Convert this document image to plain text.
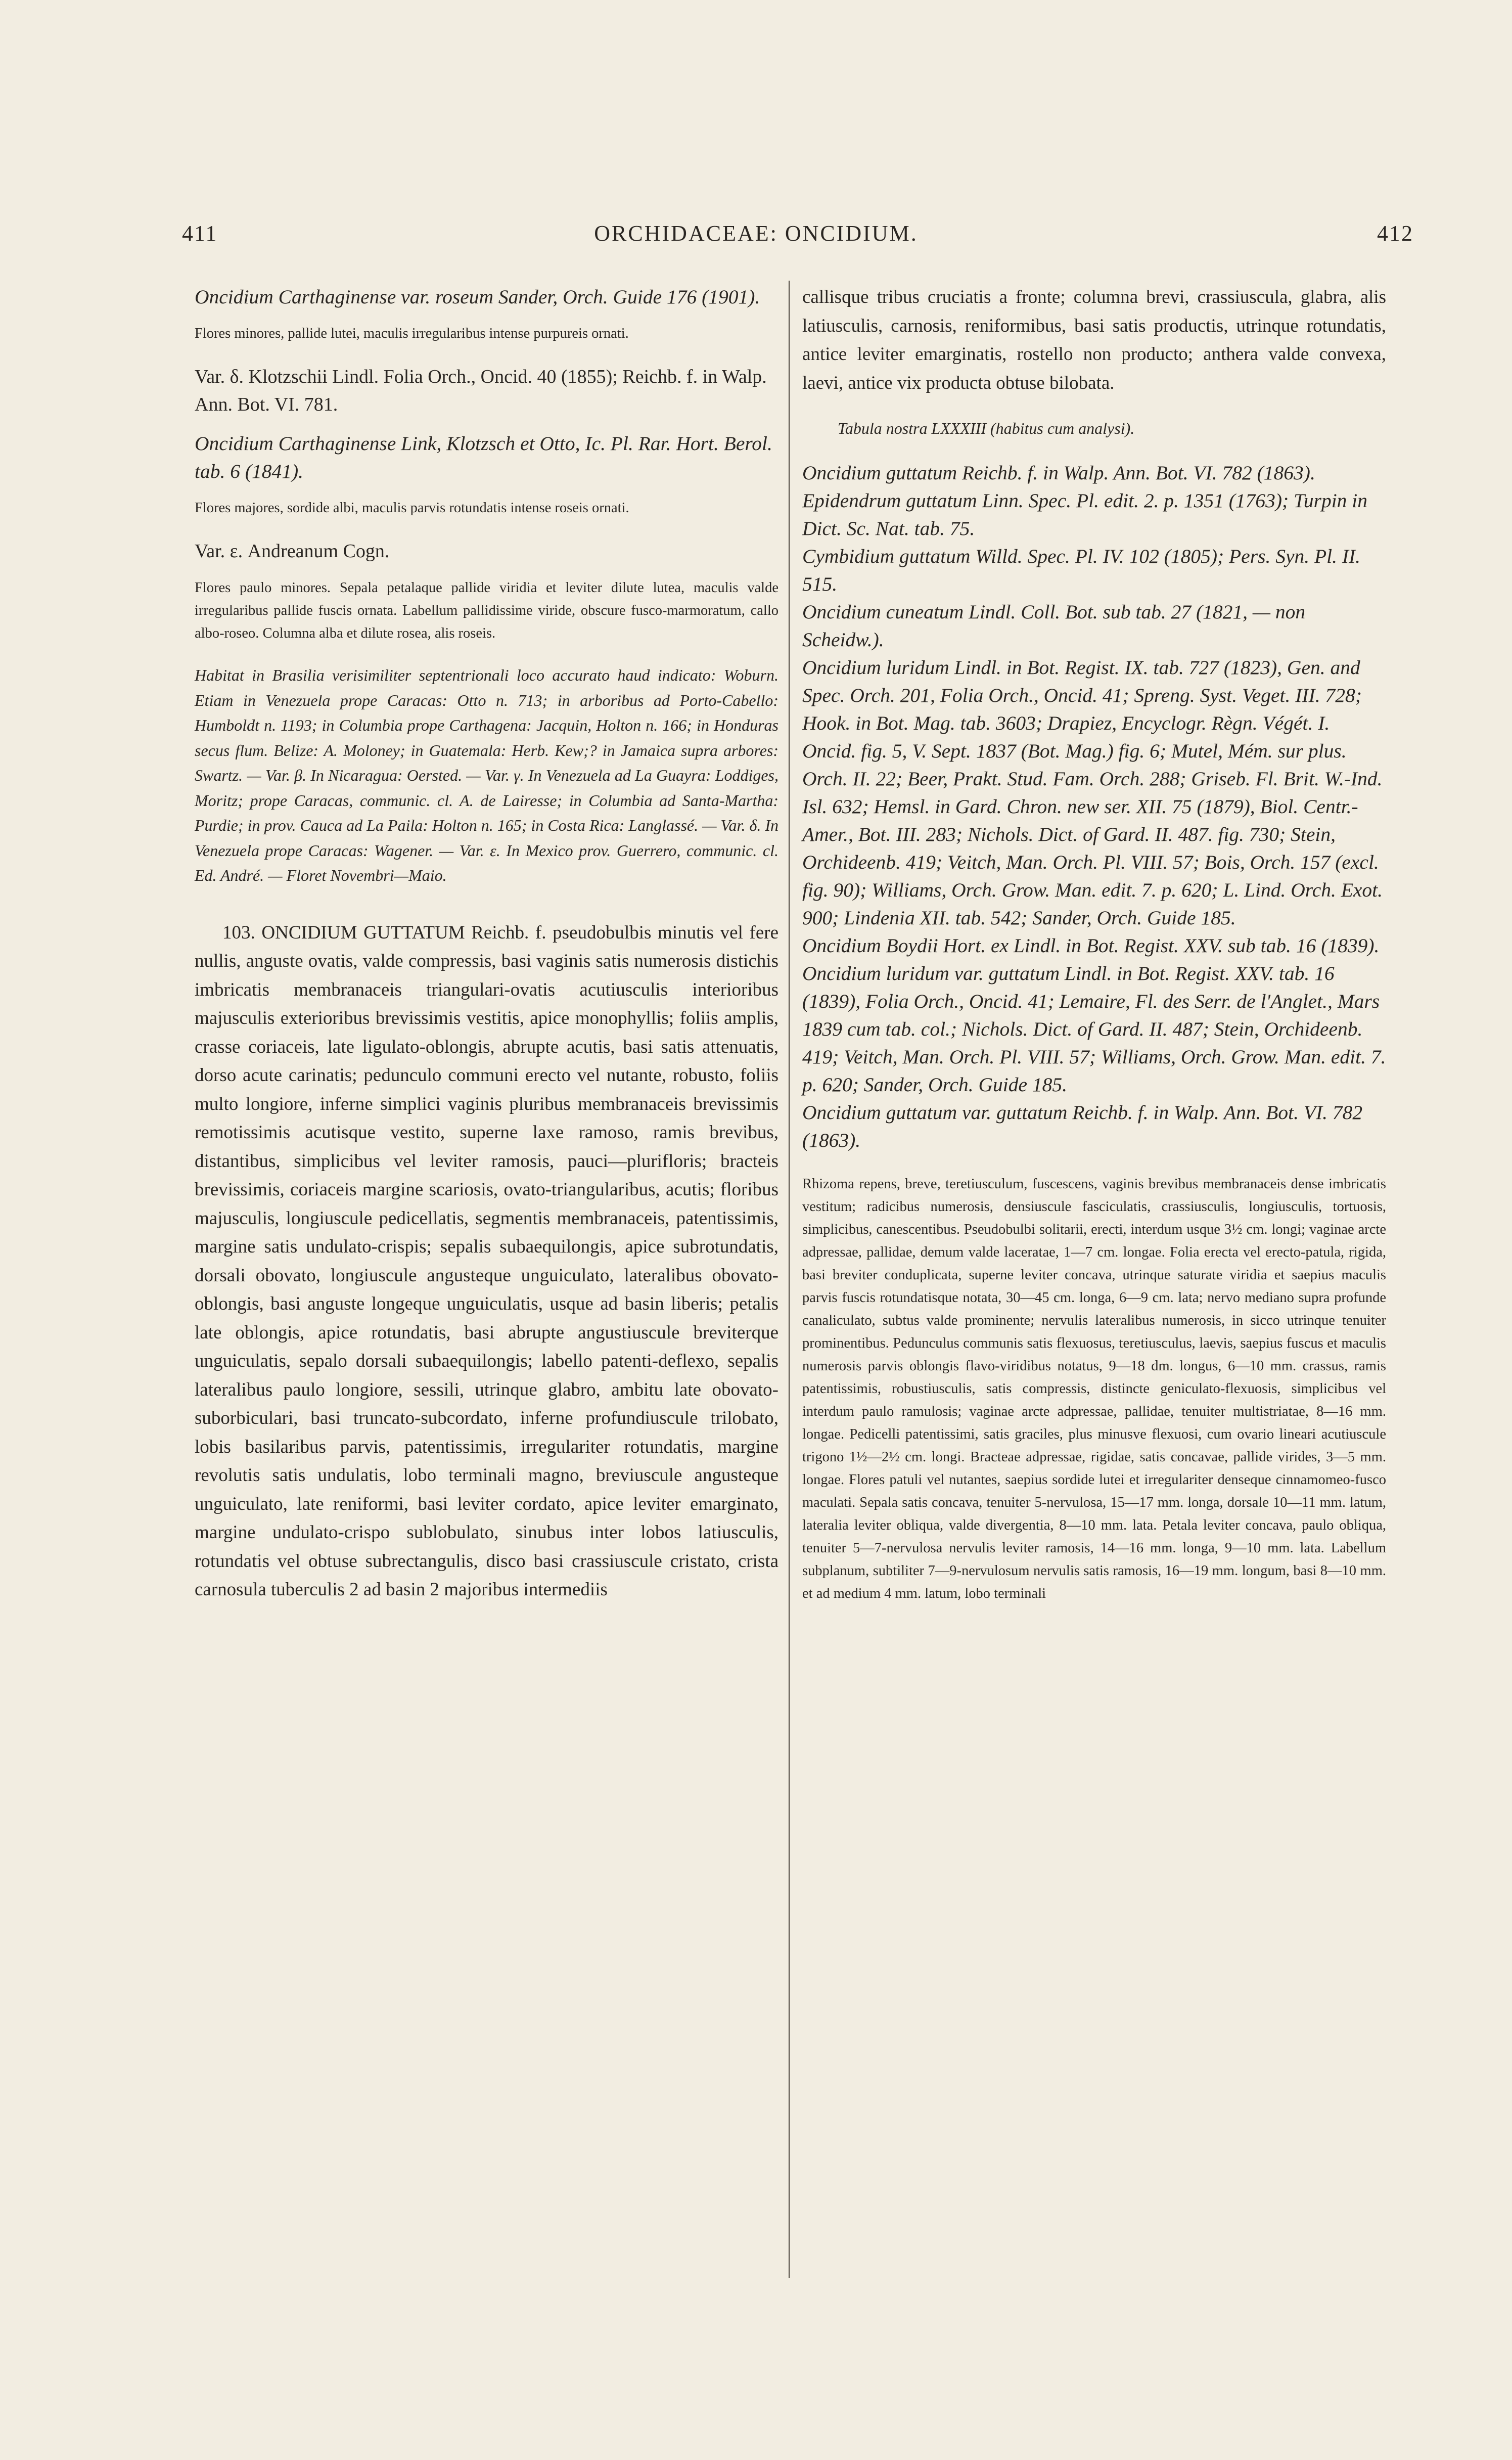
411	ORCHIDACEAE: ONCIDIUM.	412

Oncidium Carthaginense var. roseum Sander, Orch. Guide 176 (1901).

Flores minores, pallide lutei, maculis irregularibus intense purpureis ornati.

Var. δ. Klotzschii Lindl. Folia Orch., Oncid. 40 (1855); Reichb. f. in Walp. Ann. Bot. VI. 781.

Oncidium Carthaginense Link, Klotzsch et Otto, Ic. Pl. Rar. Hort. Berol. tab. 6 (1841).

Flores majores, sordide albi, maculis parvis rotundatis intense roseis ornati.

Var. ε. Andreanum Cogn.

Flores paulo minores. Sepala petalaque pallide viridia et leviter dilute lutea, maculis valde irregularibus pallide fuscis ornata. Labellum pallidissime viride, obscure fusco-marmoratum, callo albo-roseo. Columna alba et dilute rosea, alis roseis.

Habitat in Brasilia verisimiliter septentrionali loco accurato haud indicato: Woburn. Etiam in Venezuela prope Caracas: Otto n. 713; in arboribus ad Porto-Cabello: Humboldt n. 1193; in Columbia prope Carthagena: Jacquin, Holton n. 166; in Honduras secus flum. Belize: A. Moloney; in Guatemala: Herb. Kew;? in Jamaica supra arbores: Swartz. — Var. β. In Nicaragua: Oersted. — Var. γ. In Venezuela ad La Guayra: Loddiges, Moritz; prope Caracas, communic. cl. A. de Lairesse; in Columbia ad Santa-Martha: Purdie; in prov. Cauca ad La Paila: Holton n. 165; in Costa Rica: Langlassé. — Var. δ. In Venezuela prope Caracas: Wagener. — Var. ε. In Mexico prov. Guerrero, communic. cl. Ed. André. — Floret Novembri—Maio.

103. ONCIDIUM GUTTATUM Reichb. f. pseudobulbis minutis vel fere nullis, anguste ovatis, valde compressis, basi vaginis satis numerosis distichis imbricatis membranaceis triangulari-ovatis acutiusculis interioribus majusculis exterioribus brevissimis vestitis, apice monophyllis; foliis amplis, crasse coriaceis, late ligulato-oblongis, abrupte acutis, basi satis attenuatis, dorso acute carinatis; pedunculo communi erecto vel nutante, robusto, foliis multo longiore, inferne simplici vaginis pluribus membranaceis brevissimis remotissimis acutisque vestito, superne laxe ramoso, ramis brevibus, distantibus, simplicibus vel leviter ramosis, pauci—plurifloris; bracteis brevissimis, coriaceis margine scariosis, ovato-triangularibus, acutis; floribus majusculis, longiuscule pedicellatis, segmentis membranaceis, patentissimis, margine satis undulato-crispis; sepalis subaequilongis, apice subrotundatis, dorsali obovato, longiuscule angusteque unguiculato, lateralibus obovato-oblongis, basi anguste longeque unguiculatis, usque ad basin liberis; petalis late oblongis, apice rotundatis, basi abrupte angustiuscule breviterque unguiculatis, sepalo dorsali subaequilongis; labello patenti-deflexo, sepalis lateralibus paulo longiore, sessili, utrinque glabro, ambitu late obovato-suborbiculari, basi truncato-subcordato, inferne profundiuscule trilobato, lobis basilaribus parvis, patentissimis, irregulariter rotundatis, margine revolutis satis undulatis, lobo terminali magno, breviuscule angusteque unguiculato, late reniformi, basi leviter cordato, apice leviter emarginato, margine undulato-crispo sublobulato, sinubus inter lobos latiusculis, rotundatis vel obtuse subrectangulis, disco basi crassiuscule cristato, crista carnosula tuberculis 2 ad basin 2 majoribus intermediis

callisque tribus cruciatis a fronte; columna brevi, crassiuscula, glabra, alis latiusculis, carnosis, reniformibus, basi satis productis, utrinque rotundatis, antice leviter emarginatis, rostello non producto; anthera valde convexa, laevi, antice vix producta obtuse bilobata.

Tabula nostra LXXXIII (habitus cum analysi).

Oncidium guttatum Reichb. f. in Walp. Ann. Bot. VI. 782 (1863).

Epidendrum guttatum Linn. Spec. Pl. edit. 2. p. 1351 (1763); Turpin in Dict. Sc. Nat. tab. 75.

Cymbidium guttatum Willd. Spec. Pl. IV. 102 (1805); Pers. Syn. Pl. II. 515.

Oncidium cuneatum Lindl. Coll. Bot. sub tab. 27 (1821, — non Scheidw.).

Oncidium luridum Lindl. in Bot. Regist. IX. tab. 727 (1823), Gen. and Spec. Orch. 201, Folia Orch., Oncid. 41; Spreng. Syst. Veget. III. 728; Hook. in Bot. Mag. tab. 3603; Drapiez, Encyclogr. Règn. Végét. I. Oncid. fig. 5, V. Sept. 1837 (Bot. Mag.) fig. 6; Mutel, Mém. sur plus. Orch. II. 22; Beer, Prakt. Stud. Fam. Orch. 288; Griseb. Fl. Brit. W.-Ind. Isl. 632; Hemsl. in Gard. Chron. new ser. XII. 75 (1879), Biol. Centr.-Amer., Bot. III. 283; Nichols. Dict. of Gard. II. 487. fig. 730; Stein, Orchideenb. 419; Veitch, Man. Orch. Pl. VIII. 57; Bois, Orch. 157 (excl. fig. 90); Williams, Orch. Grow. Man. edit. 7. p. 620; L. Lind. Orch. Exot. 900; Lindenia XII. tab. 542; Sander, Orch. Guide 185.

Oncidium Boydii Hort. ex Lindl. in Bot. Regist. XXV. sub tab. 16 (1839).

Oncidium luridum var. guttatum Lindl. in Bot. Regist. XXV. tab. 16 (1839), Folia Orch., Oncid. 41; Lemaire, Fl. des Serr. de l'Anglet., Mars 1839 cum tab. col.; Nichols. Dict. of Gard. II. 487; Stein, Orchideenb. 419; Veitch, Man. Orch. Pl. VIII. 57; Williams, Orch. Grow. Man. edit. 7. p. 620; Sander, Orch. Guide 185.

Oncidium guttatum var. guttatum Reichb. f. in Walp. Ann. Bot. VI. 782 (1863).

Rhizoma repens, breve, teretiusculum, fuscescens, vaginis brevibus membranaceis dense imbricatis vestitum; radicibus numerosis, densiuscule fasciculatis, crassiusculis, longiusculis, tortuosis, simplicibus, canescentibus. Pseudobulbi solitarii, erecti, interdum usque 3½ cm. longi; vaginae arcte adpressae, pallidae, demum valde laceratae, 1—7 cm. longae. Folia erecta vel erecto-patula, rigida, basi breviter conduplicata, superne leviter concava, utrinque saturate viridia et saepius maculis parvis fuscis rotundatisque notata, 30—45 cm. longa, 6—9 cm. lata; nervo mediano supra profunde canaliculato, subtus valde prominente; nervulis lateralibus numerosis, in sicco utrinque tenuiter prominentibus. Pedunculus communis satis flexuosus, teretiusculus, laevis, saepius fuscus et maculis numerosis parvis oblongis flavo-viridibus notatus, 9—18 dm. longus, 6—10 mm. crassus, ramis patentissimis, robustiusculis, satis compressis, distincte geniculato-flexuosis, simplicibus vel interdum paulo ramulosis; vaginae arcte adpressae, pallidae, tenuiter multistriatae, 8—16 mm. longae. Pedicelli patentissimi, satis graciles, plus minusve flexuosi, cum ovario lineari acutiuscule trigono 1½—2½ cm. longi. Bracteae adpressae, rigidae, satis concavae, pallide virides, 3—5 mm. longae. Flores patuli vel nutantes, saepius sordide lutei et irregulariter denseque cinnamomeo-fusco maculati. Sepala satis concava, tenuiter 5-nervulosa, 15—17 mm. longa, dorsale 10—11 mm. latum, lateralia leviter obliqua, valde divergentia, 8—10 mm. lata. Petala leviter concava, paulo obliqua, tenuiter 5—7-nervulosa nervulis leviter ramosis, 14—16 mm. longa, 9—10 mm. lata. Labellum subplanum, subtiliter 7—9-nervulosum nervulis satis ramosis, 16—19 mm. longum, basi 8—10 mm. et ad medium 4 mm. latum, lobo terminali
